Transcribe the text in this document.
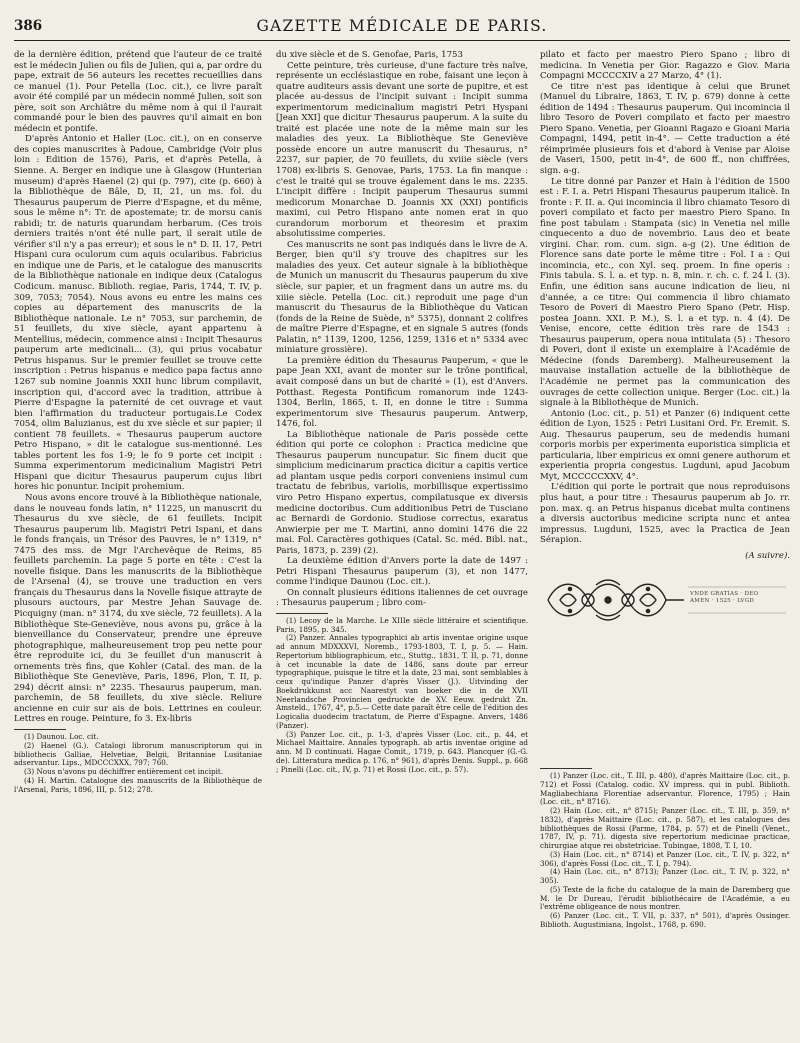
386	GAZETTE MÉDICALE DE PARIS.

de la dernière édition, prétend que l'auteur de ce traité est le médecin Julien ou fils de Julien, qui a, par ordre du pape, extrait de 56 auteurs les recettes recueillies dans ce manuel (1). Pour Petella (Loc. cit.), ce livre paraît avoir été compilé par un médecin nommé Julien, soit son père, soit son Archiâtre du même nom à qui il l'aurait commandé pour le bien des pauvres qu'il aimait en bon médecin et pontife.

D'après Antonio et Haller (Loc. cit.), on en conserve des copies manuscrites à Padoue, Cambridge (Voir plus loin : Edition de 1576), Paris, et d'après Petella, à Sienne. A. Berger en indique une à Glasgow (Hunterian museum) d'après Haenel (2) qui (p. 797), cite (p. 660) à la Bibliothèque de Bâle, D, II, 21, un ms. fol. du Thesaurus pauperum de Pierre d'Espagne, et du même, sous le même n°: Tr. de apostemate; tr. de morsu canis rabidi; tr. de naturis quarundam herbarum. (Ces trois derniers traités n'ont été nulle part, il serait utile de vérifier s'il n'y a pas erreur); et sous le n° D. II. 17, Petri Hispani cura oculorum cum aquis ocularibus. Fabricius en indique une de Paris, et le catalogue des manuscrits de la Bibliothèque nationale en indique deux (Catalogus Codicum. manusc. Biblioth. regiae, Paris, 1744, T. IV, p. 309, 7053; 7054). Nous avons eu entre les mains ces copies au département des manuscrits de la Bibliothèque nationale. Le n° 7053, sur parchemin, de 51 feuillets, du xive siècle, ayant appartenu à Mentellius, médecin, commence ainsi : Incipit Thesaurus pauperum arte medicinali... (3), qui prius vocabatur Petrus hispanus. Sur le premier feuillet se trouve cette inscription : Petrus hispanus e medico papa factus anno 1267 sub nomine Joannis XXII hunc librum compilavit, inscription qui, d'accord avec la tradition, attribue à Pierre d'Espagne la paternité de cet ouvrage et vaut bien l'affirmation du traducteur portugais.Le Codex 7054, olim Baluzianus, est du xve siècle et sur papier; il contient 78 feuillets. « Thesaurus pauperum auctore Petro Hispano, » dit le catalogue sus-mentionné. Les tables portent les fos 1-9; le fo 9 porte cet incipit : Summa experimentorum medicinalium Magistri Petri Hispani que dicitur Thesaurus pauperum cujus libri hores hic ponuntur. Incipit prohemium.

Nous avons encore trouvé à la Bibliothèque nationale, dans le nouveau fonds latin, n° 11225, un manuscrit du Thesaurus du xve siècle, de 61 feuillets. Incipit Thesaurus pauperum lib. Magistri Petri Ispani, et dans le fonds français, un Trésor des Pauvres, le n° 1319, n° 7475 des mss. de Mgr l'Archevêque de Reims, 85 feuillets parchemin. La page 5 porte en tête : C'est la novelle fisique. Dans les manuscrits de la Bibliothèque de l'Arsenal (4), se trouve une traduction en vers français du Thesaurus dans la Novelle fisique attrayte de plusours auctours, par Mestre Jehan Sauvage de. Picquigny (man. n° 3174, du xve siècle, 72 feuillets). A la Bibliothèque Ste-Geneviève, nous avons pu, grâce à la bienveillance du Conservateur, prendre une épreuve photographique, malheureusement trop peu nette pour être reproduite ici, du 3e feuillet d'un manuscrit à ornements très fins, que Kohler (Catal. des man. de la Bibliothèque Ste Geneviève, Paris, 1896, Plon, T. II, p. 294) décrit ainsi: n° 2235. Thesaurus pauperum, man. parchemin, de 58 feuillets, du xive siècle. Reliure ancienne en cuir sur ais de bois. Lettrines en couleur. Lettres en rouge. Peinture, fo 3. Ex-libris

(1) Daunou. Loc. cit.

(2) Haenel (G.). Catalogi librorum manuscriptorum qui in bibliothecis Galliae, Helvetiae, Belgii, Britanniae Lusitaniae adservantur. Lips., MDCCCXXX, 797; 760.

(3) Nous n'avons pu déchiffrer entièrement cet incipit.

(4) H. Martin. Catalogue des manuscrits de la Bibliothèque de l'Arsenal, Paris, 1896, III, p. 512; 278.

du xive siècle et de S. Genofae, Paris, 1753

Cette peinture, très curieuse, d'une facture très naïve, représente un ecclésiastique en robe, faisant une leçon à quatre auditeurs assis devant une sorte de pupitre, et est placée au-dessus de l'incipit suivant : Incipit summa experimentorum medicinalium magistri Petri Hyspani [Jean XXI] que dicitur Thesaurus pauperum. A la suite du traité est placée une note de la même main sur les maladies des yeux. La Bibliothèque Ste Geneviève possède encore un autre manuscrit du Thesaurus, n° 2237, sur papier, de 70 feuillets, du xviiie siècle (vers 1708) ex-libris S. Genovae, Paris, 1753. La fin manque : c'est le traité qui se trouve également dans le ms. 2235. L'incipit diffère : Incipit pauperum Thesaurus summi medicorum Monarchae D. Joannis XX (XXI) pontificis maximi, cui Petro Hispano ante nomen erat in quo curandorum morborum et theoresim et praxim absolutissime comperies.

Ces manuscrits ne sont pas indiqués dans le livre de A. Berger, bien qu'il s'y trouve des chapitres sur les maladies des yeux. Cet auteur signale à la bibliothèque de Munich un manuscrit du Thesaurus pauperum du xive siècle, sur papier, et un fragment dans un autre ms. du xiiie siècle. Petella (Loc. cit.) reproduit une page d'un manuscrit du Thesaurus de la Bibliothèque du Vatican (fonds de la Reine de Suède, n° 5375), donnant 2 colifres de maître Pierre d'Espagne, et en signale 5 autres (fonds Palatin, n° 1139, 1200, 1256, 1259, 1316 et n° 5334 avec miniature grossière).

La première édition du Thesaurus Pauperum, « que le pape Jean XXI, avant de monter sur le trône pontifical, avait composé dans un but de charité » (1), est d'Anvers. Potthast. Regesta Pontificum romanorum inde 1243-1304, Berlin, 1865, t. II, en donne le titre : Summa experimentorum sive Thesaurus pauperum. Antwerp, 1476, fol.

La Bibliothèque nationale de Paris possède cette édition qui porte ce colophon : Practica medicine que Thesaurus pauperum nuncupatur. Sic finem ducit que simplicium medicinarum practica dicitur a capitis vertice ad plantam usque pedis corpori conveniens insimul cum tractatu de febribus, variolis, morbillisque expertissimo viro Petro Hispano expertus, compilatusque ex diversis medicine doctoribus. Cum additionibus Petri de Tusciano ac Bernardi de Gordonio. Studiose correctus, exaratus Anwierpie per me T. Martini, anno domini 1476 die 22 mai. Fol. Caractères gothiques (Catal. Sc. méd. Bibl. nat., Paris, 1873, p. 239) (2).

La deuxième édition d'Anvers porte la date de 1497 : Petri Hispani Thesaurus pauperum (3), et non 1477, comme l'indique Daunou (Loc. cit.).

On connaît plusieurs éditions italiennes de cet ouvrage : Thesaurus pauperum ; libro com-

(1) Lecoy de la Marche. Le XIIIe siècle littéraire et scientifique. Paris, 1895, p. 345.

(2) Panzer. Annales typographici ab artis inventae origine usque ad annum MDXXXVI, Noremb., 1793-1803, T. I, p. 5. — Hain. Repertorium bibliographicum, etc., Stuttg., 1831, T. II, p. 71, donne à cet incunable la date de 1486, sans doute par erreur typographique, puisque le titre et la date, 23 mai, sont semblables à ceux qu'indique Panzer d'après Visser (J.). Uitvinding der Boekdrukkunst acc Naarestyt van boeker die in de XVII Neerlandsche Provincien gedruckte de XV. Eeuw. gedrukt Zn. Amsteld., 1767, 4°, p.5.— Cette date paraît être celle de l'édition des Logicalia duodecim tractatum, de Pierre d'Espagne. Anvers, 1486 (Panzer).

(3) Panzer Loc. cit., p. 1-3, d'après Visser (Loc. cit., p. 44, et Michael Maittaire. Annales typograph. ab artis inventae origine ad ann. M D continuati. Hagae Comit., 1719, p. 643. Plancquer (G.-G. de). Litteratura medica p. 176, n° 961), d'après Denis. Suppl., p. 668 ; Pinelli (Loc. cit., IV, p. 71) et Rossi (Loc. cit., p. 57).

pilato et facto per maestro Piero Spano ; libro di medicina. In Venetia per Gior. Ragazzo e Giov. Maria Compagni MCCCCXIV a 27 Marzo, 4° (1).

Ce titre n'est pas identique à celui que Brunet (Manuel du Libraire, 1863, T. IV, p. 679) donne à cette édition de 1494 : Thesaurus pauperum. Qui incomincia il libro Tesoro de Poveri compilato et facto per maestro Piero Spano. Venetia, per Gioanni Ragazo e Gioani Maria Compagni, 1494, petit in-4°. — Cette traduction a été réimprimée plusieurs fois et d'abord à Venise par Aloise de Vaseri, 1500, petit in-4°, de 600 ff., non chiffrées, sign. a-g.

Le titre donné par Panzer et Hain à l'édition de 1500 est : F. I. a. Petri Hispani Thesaurus pauperum italicè. In fronte : F. II. a. Qui incomincia il libro chiamato Tesoro di poveri compilato et facto per maestro Piero Spano. In fine post tabulam : Stampata (sic) in Venetia nel mille cinquecento a duo de novembrio. Laus deo et beate virgini. Char. rom. cum. sign. a-g (2). Une édition de Florence sans date porte le même titre : Fol. I a : Qui incomincia, etc., con Xyl. seq. proem. In fine operis : Finis tabula. S. l. a. et typ. n. 8, min. r. ch. c. f. 24 l. (3). Enfin, une édition sans aucune indication de lieu, ni d'année, a ce titre: Qui commencia il libro chiamato Tesoro de Poveri di Maestro Piero Spano (Petr. Hisp. postea Joann. XXI. P. M.), S. l. a et typ. n. 4 (4). De Venise, encore, cette édition très rare de 1543 : Thesaurus pauperum, opera noua intitulata (5) : Thesoro di Poveri, dont il existe un exemplaire à l'Académie de Médecine (fonds Daremberg). Malheureusement la mauvaise installation actuelle de la bibliothèque de l'Académie ne permet pas la communication des ouvrages de cette collection unique. Berger (Loc. cit.) la signale à la Bibliothèque de Munich.

Antonio (Loc. cit., p. 51) et Panzer (6) indiquent cette édition de Lyon, 1525 : Petri Lusitani Ord. Fr. Eremit. S. Aug. Thesaurus pauperum, seu de medendis humani corporis morbis per experimenta euporistica simplicia et particularia, liber empiricus ex omni genere authorum et experientia propria congestus. Lugduni, apud Jacobum Myt, MCCCCCXXV, 4°.

L'édition qui porte le portrait que nous reproduisons plus haut, a pour titre : Thesaurus pauperum ab Jo. rr. pon. max. q. an Petrus hispanus dicebat multa continens a diversis auctoribus medicine scripta nunc et antea impressus. Lugduni, 1525, avec la Practica de Jean Sérapion.

(A suivre).

VNDE GRATIAS · DEO
AMEN · 1525 · LVGD

(1) Panzer (Loc. cit., T. III, p. 480), d'après Maittaire (Loc. cit., p. 712) et Fossi (Catalog. codic. XV impress. qui in publ. Biblioth. Magliabechiana Florentiae adservantur. Florence, 1795) ; Hain (Loc. cit., n° 8716).

(2) Hain (Loc. cit., n° 8715); Panzer (Loc. cit., T. III, p. 359, n° 1832), d'après Maittaire (Loc. cit., p. 587), et les catalogues des bibliothèques de Rossi (Parme, 1784, p. 57) et de Pinelli (Venet., 1787, IV, p. 71). digesta sive repertorium medicinae practicae, chirurgiae atque rei obstetriciae. Tubingae, 1808, T. I, 10.

(3) Hain (Loc. cit., n° 8714) et Panzer (Loc. cit., T. IV, p. 322, n° 306), d'après Fossi (Loc. cit., T. I, p. 794).

(4) Hain (Loc. cit., n° 8713); Panzer (Loc. cit., T. IV, p. 322, n° 305).

(5) Texte de la fiche du catalogue de la main de Daremberg que M. le Dr Dureau, l'érudit bibliothécaire de l'Académie, a eu l'extrême obligeance de nous montrer.

(6) Panzer (Loc. cit., T. VII, p. 337, n° 501), d'après Ossinger. Biblioth. Augustiniana, Ingolst., 1768, p. 690.
